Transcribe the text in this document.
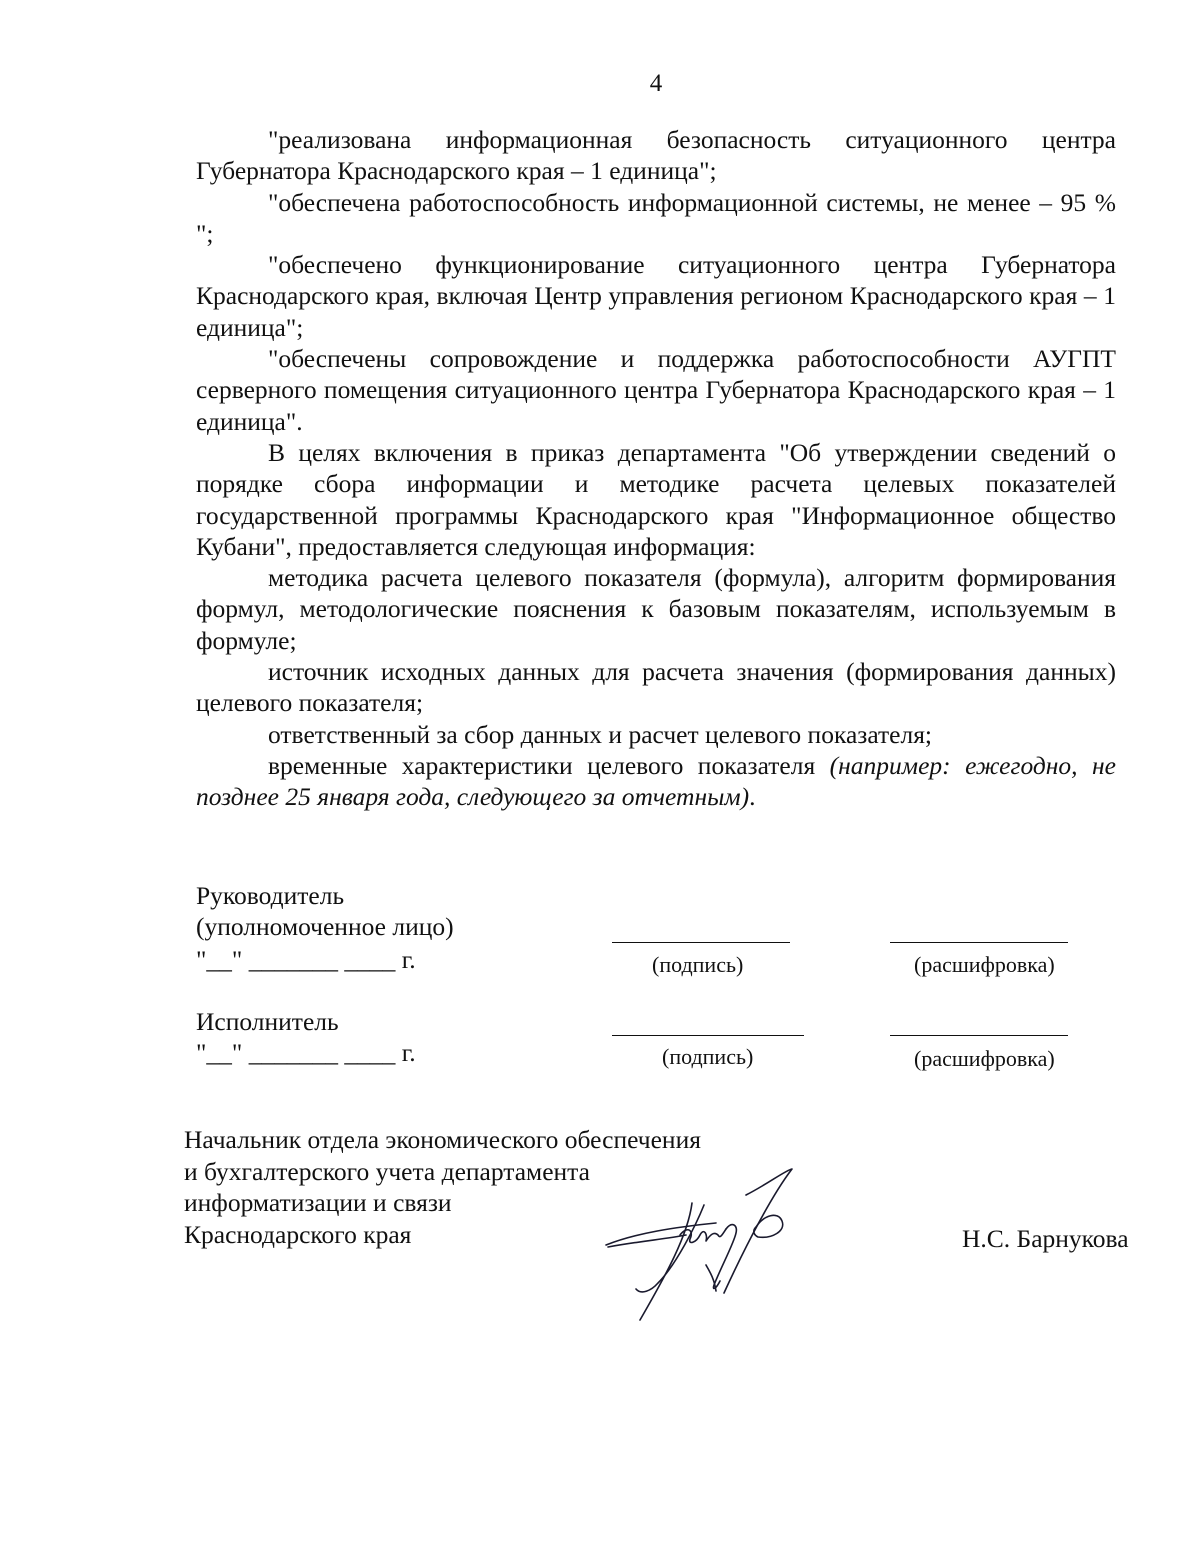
4

"реализована информационная безопасность ситуационного центра Губернатора Краснодарского края – 1 единица";

"обеспечена работоспособность информационной системы, не менее – 95 % ";

"обеспечено функционирование ситуационного центра Губернатора Краснодарского края, включая Центр управления регионом Краснодарского края – 1 единица";

"обеспечены сопровождение и поддержка работоспособности АУГПТ серверного помещения ситуационного центра Губернатора Краснодарского края – 1 единица".

В целях включения в приказ департамента "Об утверждении сведений о порядке сбора информации и методике расчета целевых показателей государственной программы Краснодарского края "Информационное общество Кубани", предоставляется следующая информация:

методика расчета целевого показателя (формула), алгоритм формирования формул, методологические пояснения к базовым показателям, используемым в формуле;

источник исходных данных для расчета значения (формирования данных) целевого показателя;

ответственный за сбор данных и расчет целевого показателя;

временные характеристики целевого показателя (например: ежегодно, не позднее 25 января года, следующего за отчетным).

Руководитель
(уполномоченное лицо)
"__" _______ ____ г.	(подпись)	(расшифровка)
Исполнитель
"__" _______ ____ г.	(подпись)	(расшифровка)
Начальник отдела экономического обеспечения
и бухгалтерского учета департамента
информатизации и связи
Краснодарского края	Н.С. Барнукова
